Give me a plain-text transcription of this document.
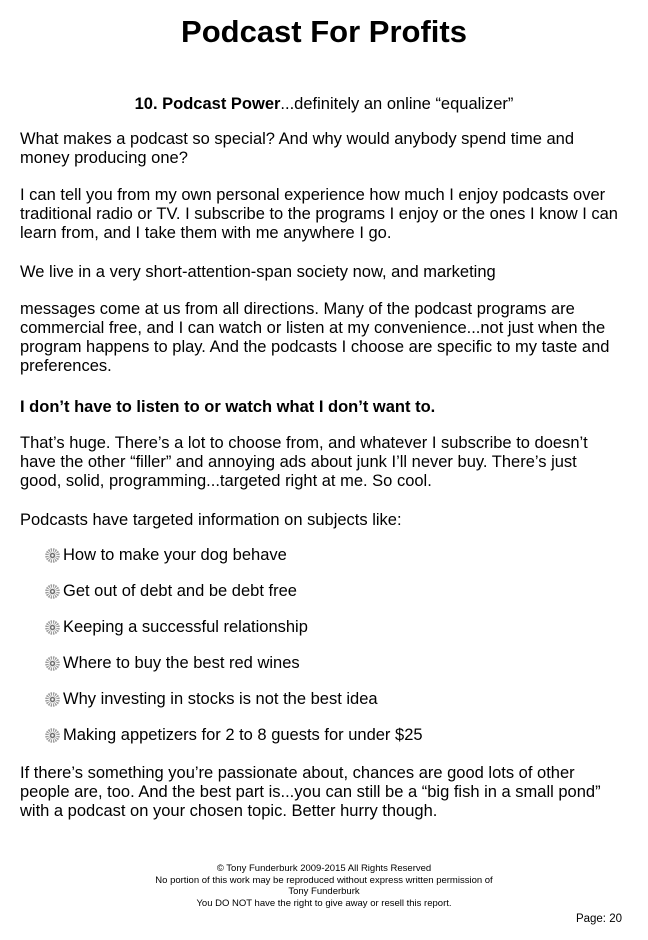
Podcast For Profits

10. Podcast Power...definitely an online “equalizer”

What makes a podcast so special? And why would anybody spend time and money producing one?

I can tell you from my own personal experience how much I enjoy podcasts over traditional radio or TV. I subscribe to the programs I enjoy or the ones I know I can learn from, and I take them with me anywhere I go.

We live in a very short-attention-span society now, and marketing

messages come at us from all directions. Many of the podcast programs are commercial free, and I can watch or listen at my convenience...not just when the program happens to play. And the podcasts I choose are specific to my taste and preferences.

I don’t have to listen to or watch what I don’t want to.

That’s huge. There’s a lot to choose from, and whatever I subscribe to doesn’t have the other “filler” and annoying ads about junk I’ll never buy. There’s just good, solid, programming...targeted right at me. So cool.

Podcasts have targeted information on subjects like:

How to make your dog behave
Get out of debt and be debt free
Keeping a successful relationship
Where to buy the best red wines
Why investing in stocks is not the best idea
Making appetizers for 2 to 8 guests for under $25

If there’s something you’re passionate about, chances are good lots of other people are, too. And the best part is...you can still be a “big fish in a small pond” with a podcast on your chosen topic. Better hurry though.

© Tony Funderburk 2009-2015 All Rights Reserved
No portion of this work may be reproduced without express written permission of
Tony Funderburk
You DO NOT have the right to give away or resell this report.
Page: 20
